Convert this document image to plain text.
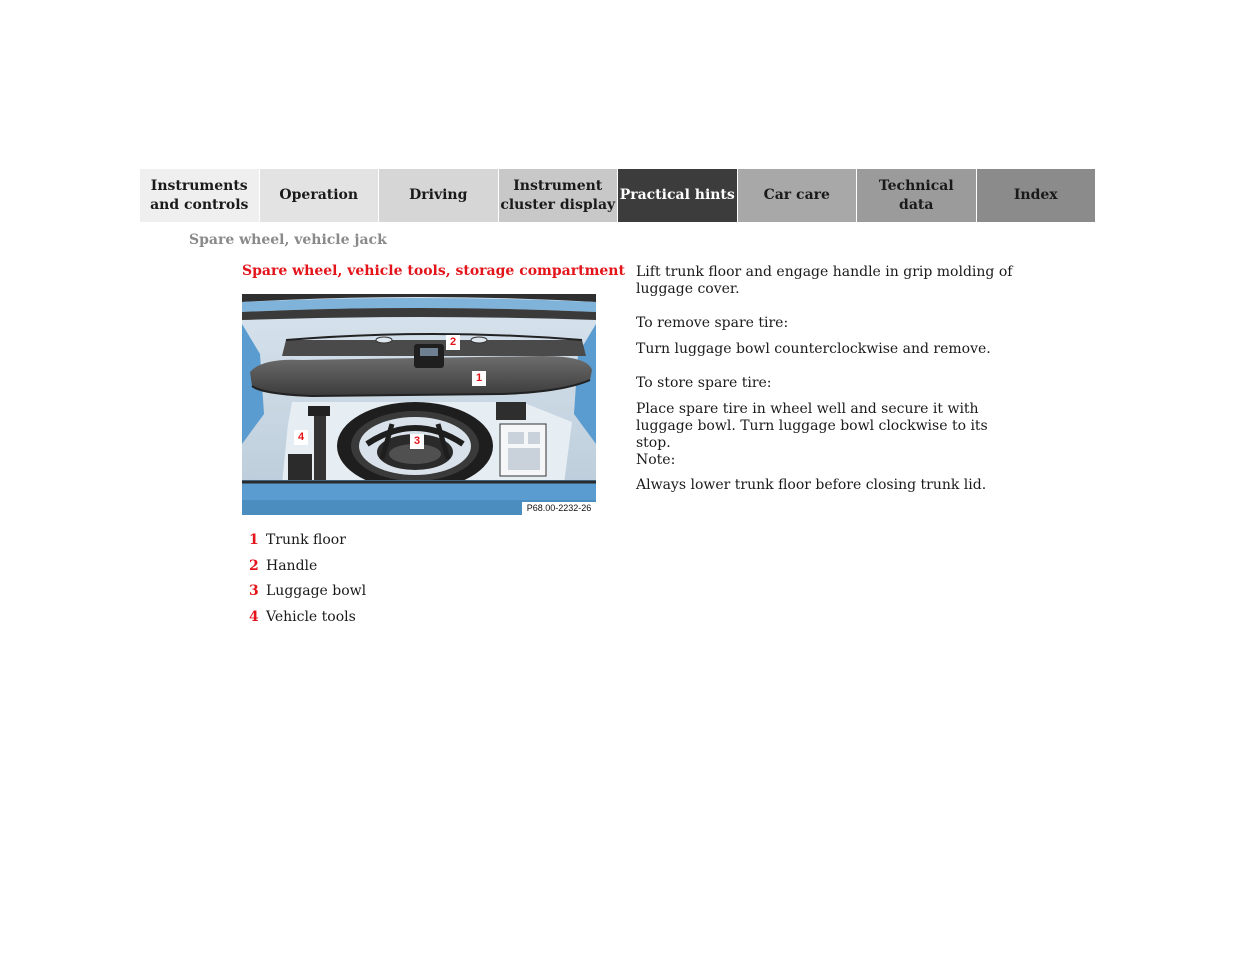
Instruments
and controls
Operation	Driving
Instrument
cluster display
Practical hints	Car care
Technical
data
Index
Spare wheel, vehicle jack
Spare wheel, vehicle tools, storage compartment
2
1
3
4
P68.00-2232-26
1 Trunk floor
2 Handle
3 Luggage bowl
4 Vehicle tools

Lift trunk floor and engage handle in grip molding of luggage cover.

To remove spare tire:

Turn luggage bowl counterclockwise and remove.

To store spare tire:

Place spare tire in wheel well and secure it with luggage bowl. Turn luggage bowl clockwise to its stop.

Note:

Always lower trunk floor before closing trunk lid.
